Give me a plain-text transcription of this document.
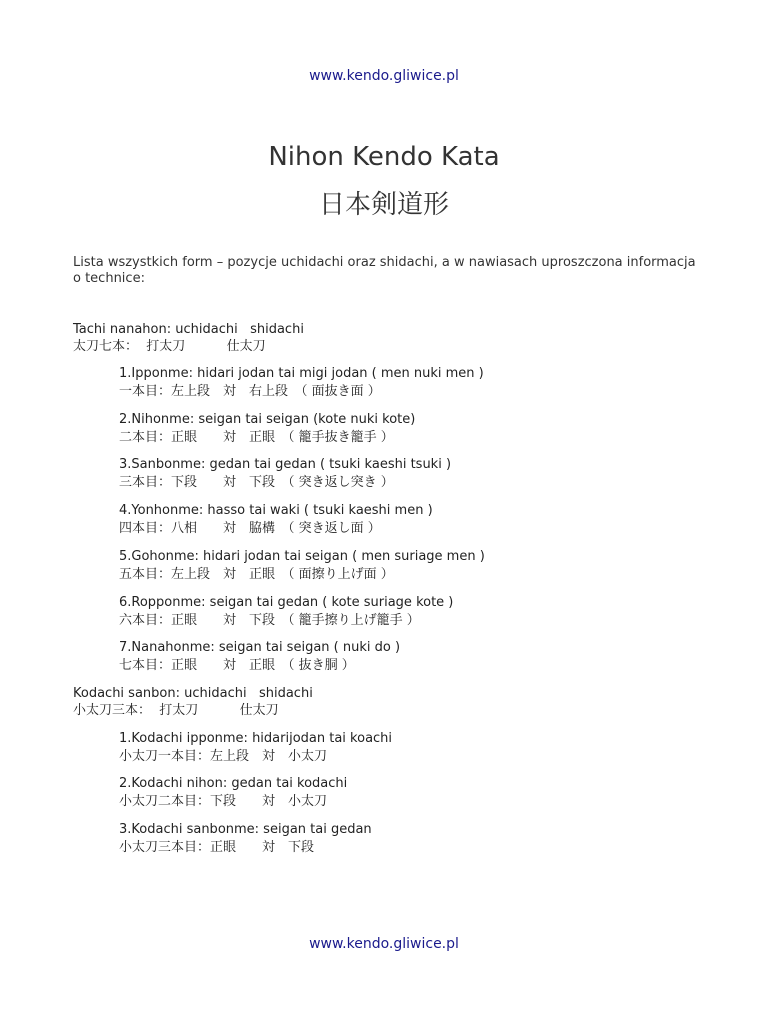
www.kendo.gliwice.pl
Nihon Kendo Kata
日本剣道形
Lista wszystkich form – pozycje uchidachi oraz shidachi, a w nawiasach uproszczona informacja o technice:
Tachi nanahon: uchidachi   shidachi
太刀七本：  打太刀          仕太刀
1.Ipponme: hidari jodan tai migi jodan ( men nuki men )
一本目：左上段　対　右上段　（ 面抜き面 ）
2.Nihonme: seigan tai seigan (kote nuki kote)
二本目：正眼　　対　正眼　（ 籠手抜き籠手 ）
3.Sanbonme: gedan tai gedan ( tsuki kaeshi tsuki )
三本目：下段　　対　下段　（ 突き返し突き ）
4.Yonhonme: hasso tai waki ( tsuki kaeshi men )
四本目：八相　　対　脇構　（ 突き返し面 ）
5.Gohonme: hidari jodan tai seigan ( men suriage men )
五本目：左上段　対　正眼　（ 面擦り上げ面 ）
6.Ropponme: seigan tai gedan ( kote suriage kote )
六本目：正眼　　対　下段　（ 籠手擦り上げ籠手 ）
7.Nanahonme: seigan tai seigan ( nuki do )
七本目：正眼　　対　正眼　（ 抜き胴 ）
Kodachi sanbon: uchidachi   shidachi
小太刀三本：  打太刀          仕太刀
1.Kodachi ipponme: hidarijodan tai koachi
小太刀一本目：左上段　対　小太刀
2.Kodachi nihon: gedan tai kodachi
小太刀二本目：下段　　対　小太刀
3.Kodachi sanbonme: seigan tai gedan
小太刀三本目：正眼　　対　下段
www.kendo.gliwice.pl
